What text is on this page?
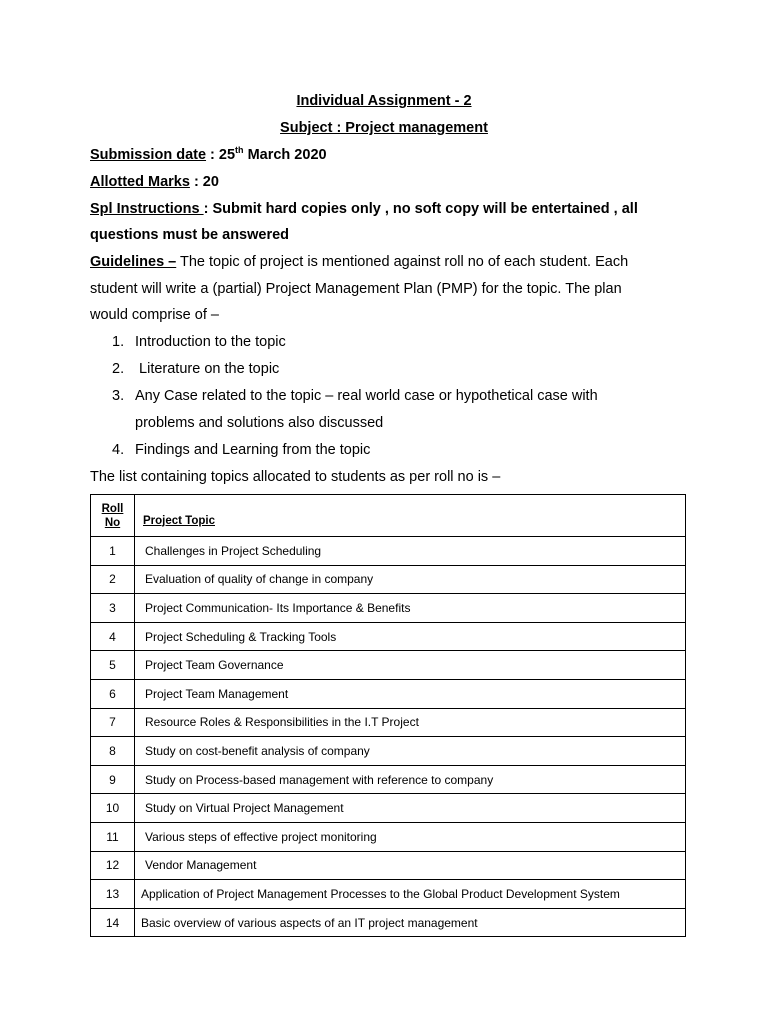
Individual Assignment - 2
Subject : Project management
Submission date : 25th March 2020
Allotted Marks : 20
Spl Instructions : Submit hard copies only , no soft copy will be entertained , all
questions must be answered
Guidelines – The topic of project is mentioned against roll no of each student. Each
student will write a (partial) Project Management Plan (PMP) for the topic. The plan
would comprise of –
1. Introduction to the topic
2. Literature on the topic
3. Any Case related to the topic – real world case or hypothetical case with
problems and solutions also discussed
4. Findings and Learning from the topic
The list containing topics allocated to students as per roll no is –
Roll
No	Project Topic
1	Challenges in Project Scheduling
2	Evaluation of quality of change in company
3	Project Communication- Its Importance & Benefits
4	Project Scheduling & Tracking Tools
5	Project Team Governance
6	Project Team Management
7	Resource Roles & Responsibilities in the I.T Project
8	Study on cost-benefit analysis of company
9	Study on Process-based management with reference to company
10	Study on Virtual Project Management
11	Various steps of effective project monitoring
12	Vendor Management
13	Application of Project Management Processes to the Global Product Development System
14	Basic overview of various aspects of an IT project management
